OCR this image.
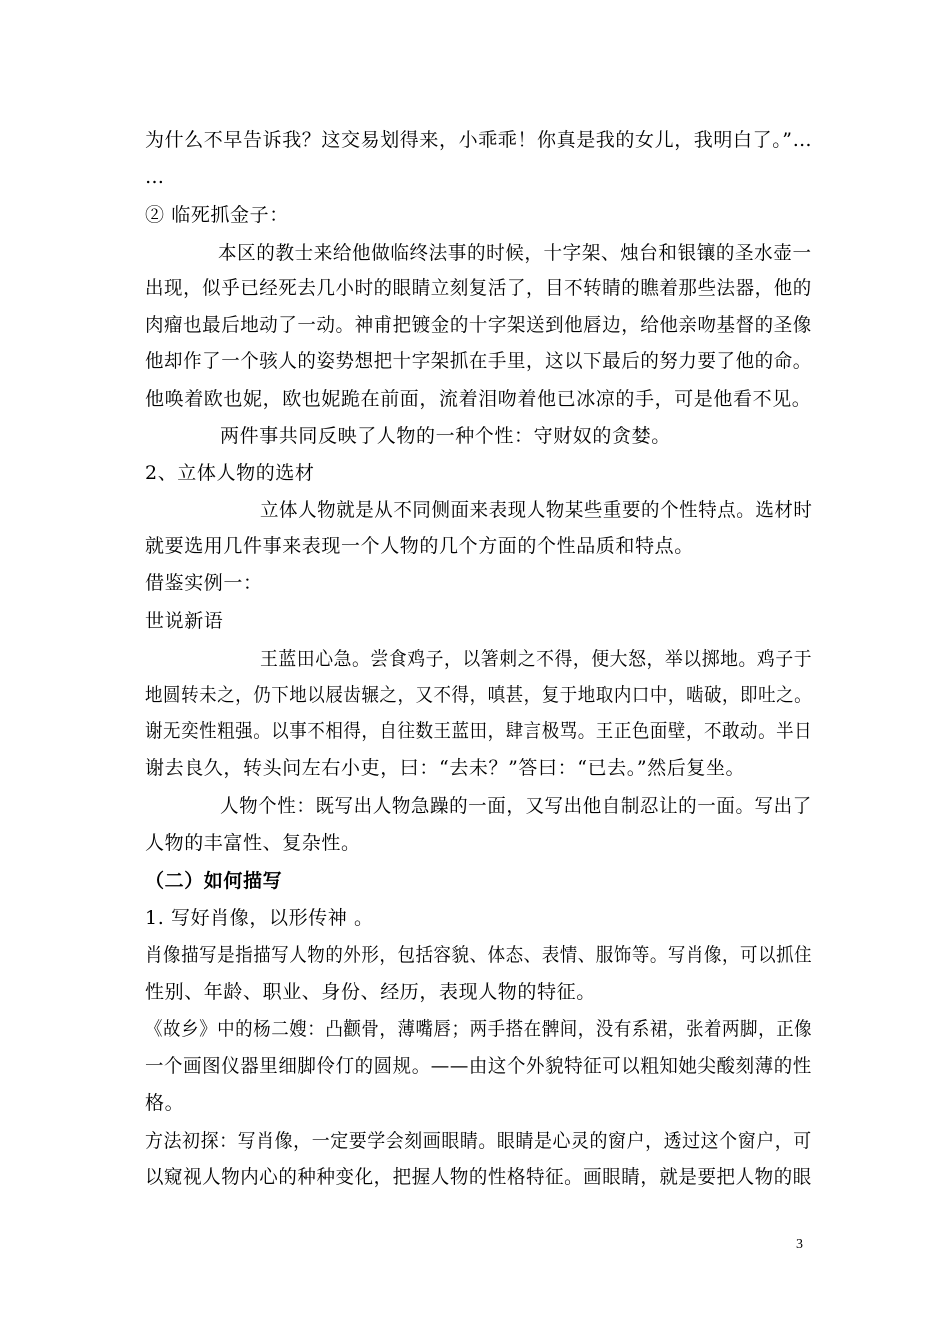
为什么不早告诉我？这交易划得来，小乖乖！你真是我的女儿，我明白了。”…
…
② 临死抓金子：
本区的教士来给他做临终法事的时候，十字架、烛台和银镶的圣水壶一
出现，似乎已经死去几小时的眼睛立刻复活了，目不转睛的瞧着那些法器，他的
肉瘤也最后地动了一动。神甫把镀金的十字架送到他唇边，给他亲吻基督的圣像
他却作了一个骇人的姿势想把十字架抓在手里，这以下最后的努力要了他的命。
他唤着欧也妮，欧也妮跪在前面，流着泪吻着他已冰凉的手，可是他看不见。
两件事共同反映了人物的一种个性：守财奴的贪婪。
2、立体人物的选材
立体人物就是从不同侧面来表现人物某些重要的个性特点。选材时
就要选用几件事来表现一个人物的几个方面的个性品质和特点。
借鉴实例一：
世说新语
王蓝田心急。尝食鸡子，以箸刺之不得，便大怒，举以掷地。鸡子于
地圆转未之，仍下地以屐齿辗之，又不得，嗔甚，复于地取内口中，啮破，即吐之。
谢无奕性粗强。以事不相得，自往数王蓝田，肆言极骂。王正色面壁，不敢动。半日
谢去良久，转头问左右小吏，曰：“去未？”答曰：“已去。”然后复坐。
人物个性：既写出人物急躁的一面，又写出他自制忍让的一面。写出了
人物的丰富性、复杂性。
（二）如何描写
1. 写好肖像，以形传神 。
肖像描写是指描写人物的外形，包括容貌、体态、表情、服饰等。写肖像，可以抓住
性别、年龄、职业、身份、经历，表现人物的特征。
《故乡》中的杨二嫂：凸颧骨，薄嘴唇；两手搭在髀间，没有系裙，张着两脚，正像
一个画图仪器里细脚伶仃的圆规。——由这个外貌特征可以粗知她尖酸刻薄的性
格。
方法初探：写肖像，一定要学会刻画眼睛。眼睛是心灵的窗户，透过这个窗户，可
以窥视人物内心的种种变化，把握人物的性格特征。画眼睛，就是要把人物的眼
3
